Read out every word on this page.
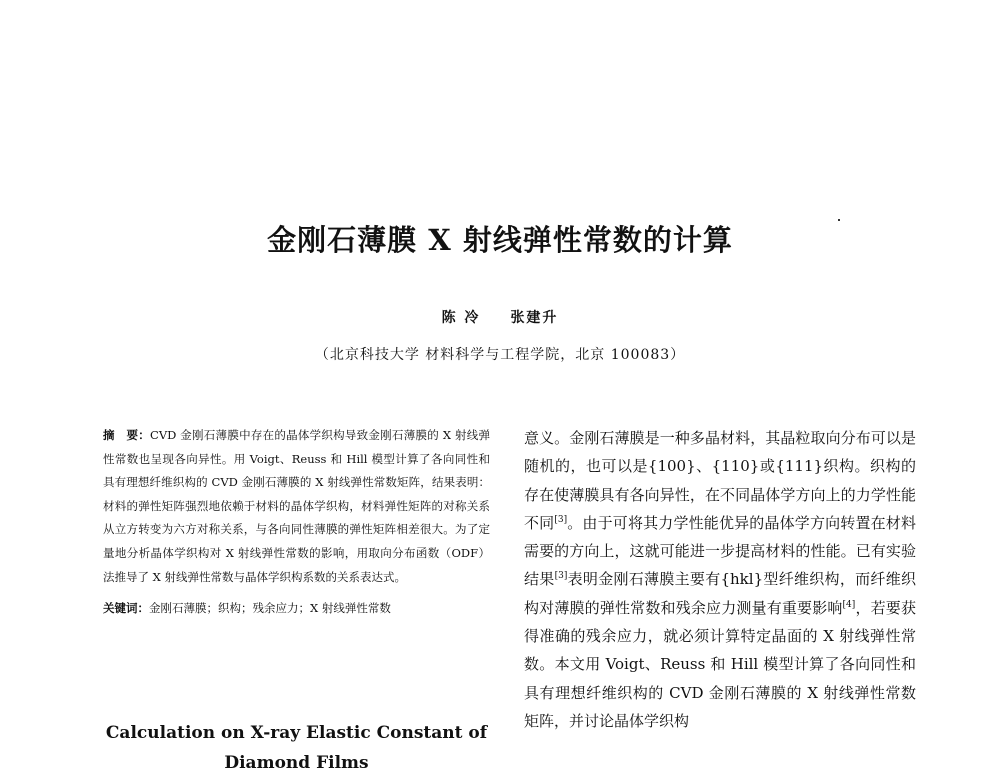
金刚石薄膜 X 射线弹性常数的计算
陈 冷 张建升
（北京科技大学 材料科学与工程学院，北京 100083）
摘　要：CVD 金刚石薄膜中存在的晶体学织构导致金刚石薄膜的 X 射线弹性常数也呈现各向异性。用 Voigt、Reuss 和 Hill 模型计算了各向同性和具有理想纤维织构的 CVD 金刚石薄膜的 X 射线弹性常数矩阵，结果表明：材料的弹性矩阵强烈地依赖于材料的晶体学织构，材料弹性矩阵的对称关系从立方转变为六方对称关系，与各向同性薄膜的弹性矩阵相差很大。为了定量地分析晶体学织构对 X 射线弹性常数的影响，用取向分布函数（ODF）法推导了 X 射线弹性常数与晶体学织构系数的关系表达式。
关键词：金刚石薄膜；织构；残余应力；X 射线弹性常数
Calculation on X-ray Elastic Constant of Diamond Films
意义。金刚石薄膜是一种多晶材料，其晶粒取向分布可以是随机的，也可以是{100}、{110}或{111}织构。织构的存在使薄膜具有各向异性，在不同晶体学方向上的力学性能不同[3]。由于可将其力学性能优异的晶体学方向转置在材料需要的方向上，这就可能进一步提高材料的性能。已有实验结果[3]表明金刚石薄膜主要有{hkl}型纤维织构，而纤维织构对薄膜的弹性常数和残余应力测量有重要影响[4]，若要获得准确的残余应力，就必须计算特定晶面的 X 射线弹性常数。本文用 Voigt、Reuss 和 Hill 模型计算了各向同性和具有理想纤维织构的 CVD 金刚石薄膜的 X 射线弹性常数矩阵，并讨论晶体学织构
